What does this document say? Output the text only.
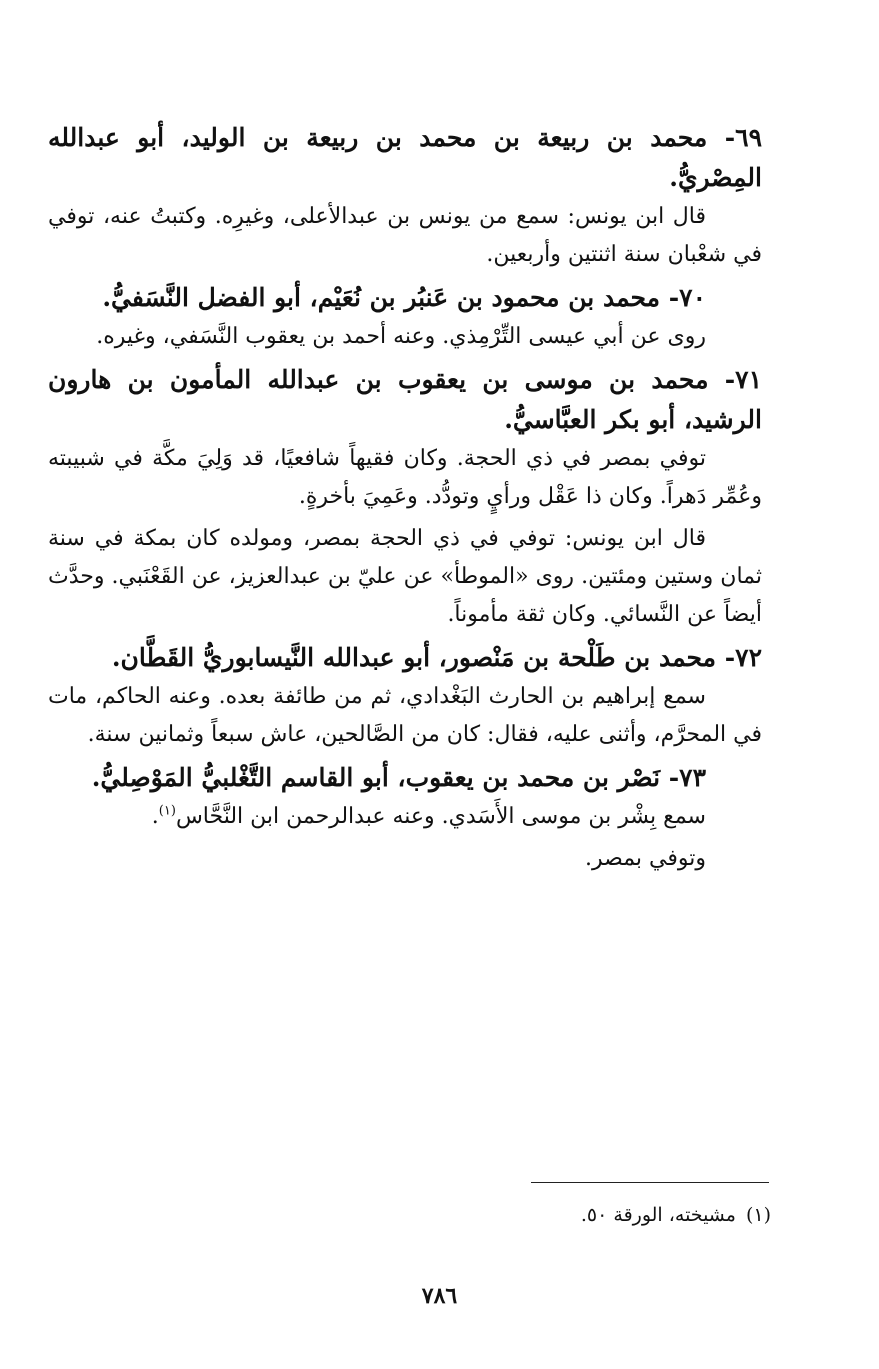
٦٩- محمد بن ربيعة بن محمد بن ربيعة بن الوليد، أبو عبدالله المِصْريُّ.

قال ابن يونس: سمع من يونس بن عبدالأعلى، وغيرِه. وكتبتُ عنه، توفي في شعْبان سنة اثنتين وأربعين.

٧٠- محمد بن محمود بن عَنبُر بن نُعَيْم، أبو الفضل النَّسَفيُّ.

روى عن أبي عيسى التِّرْمِذي. وعنه أحمد بن يعقوب النَّسَفي، وغيره.

٧١- محمد بن موسى بن يعقوب بن عبدالله المأمون بن هارون الرشيد، أبو بكر العبَّاسيُّ.

توفي بمصر في ذي الحجة. وكان فقيهاً شافعيًا، قد وَلِيَ مكَّة في شبيبته وعُمِّر دَهراً. وكان ذا عَقْل ورأيٍ وتودُّد. وعَمِيَ بأخرةٍ.

قال ابن يونس: توفي في ذي الحجة بمصر، ومولده كان بمكة في سنة ثمان وستين ومئتين. روى «الموطأ» عن عليّ بن عبدالعزيز، عن القَعْنَبي. وحدَّث أيضاً عن النَّسائي. وكان ثقة مأموناً.

٧٢- محمد بن طَلْحة بن مَنْصور، أبو عبدالله النَّيسابوريُّ القَطَّان.

سمع إبراهيم بن الحارث البَغْدادي، ثم من طائفة بعده. وعنه الحاكم، مات في المحرَّم، وأثنى عليه، فقال: كان من الصَّالحين، عاش سبعاً وثمانين سنة.

٧٣- نَصْر بن محمد بن يعقوب، أبو القاسم التَّغْلبيُّ المَوْصِليُّ.

سمع بِشْر بن موسى الأَسَدي. وعنه عبدالرحمن ابن النَّحَّاس$^{(١)}$.

وتوفي بمصر.

(١)مشيخته، الورقة ٥٠.
٧٨٦
